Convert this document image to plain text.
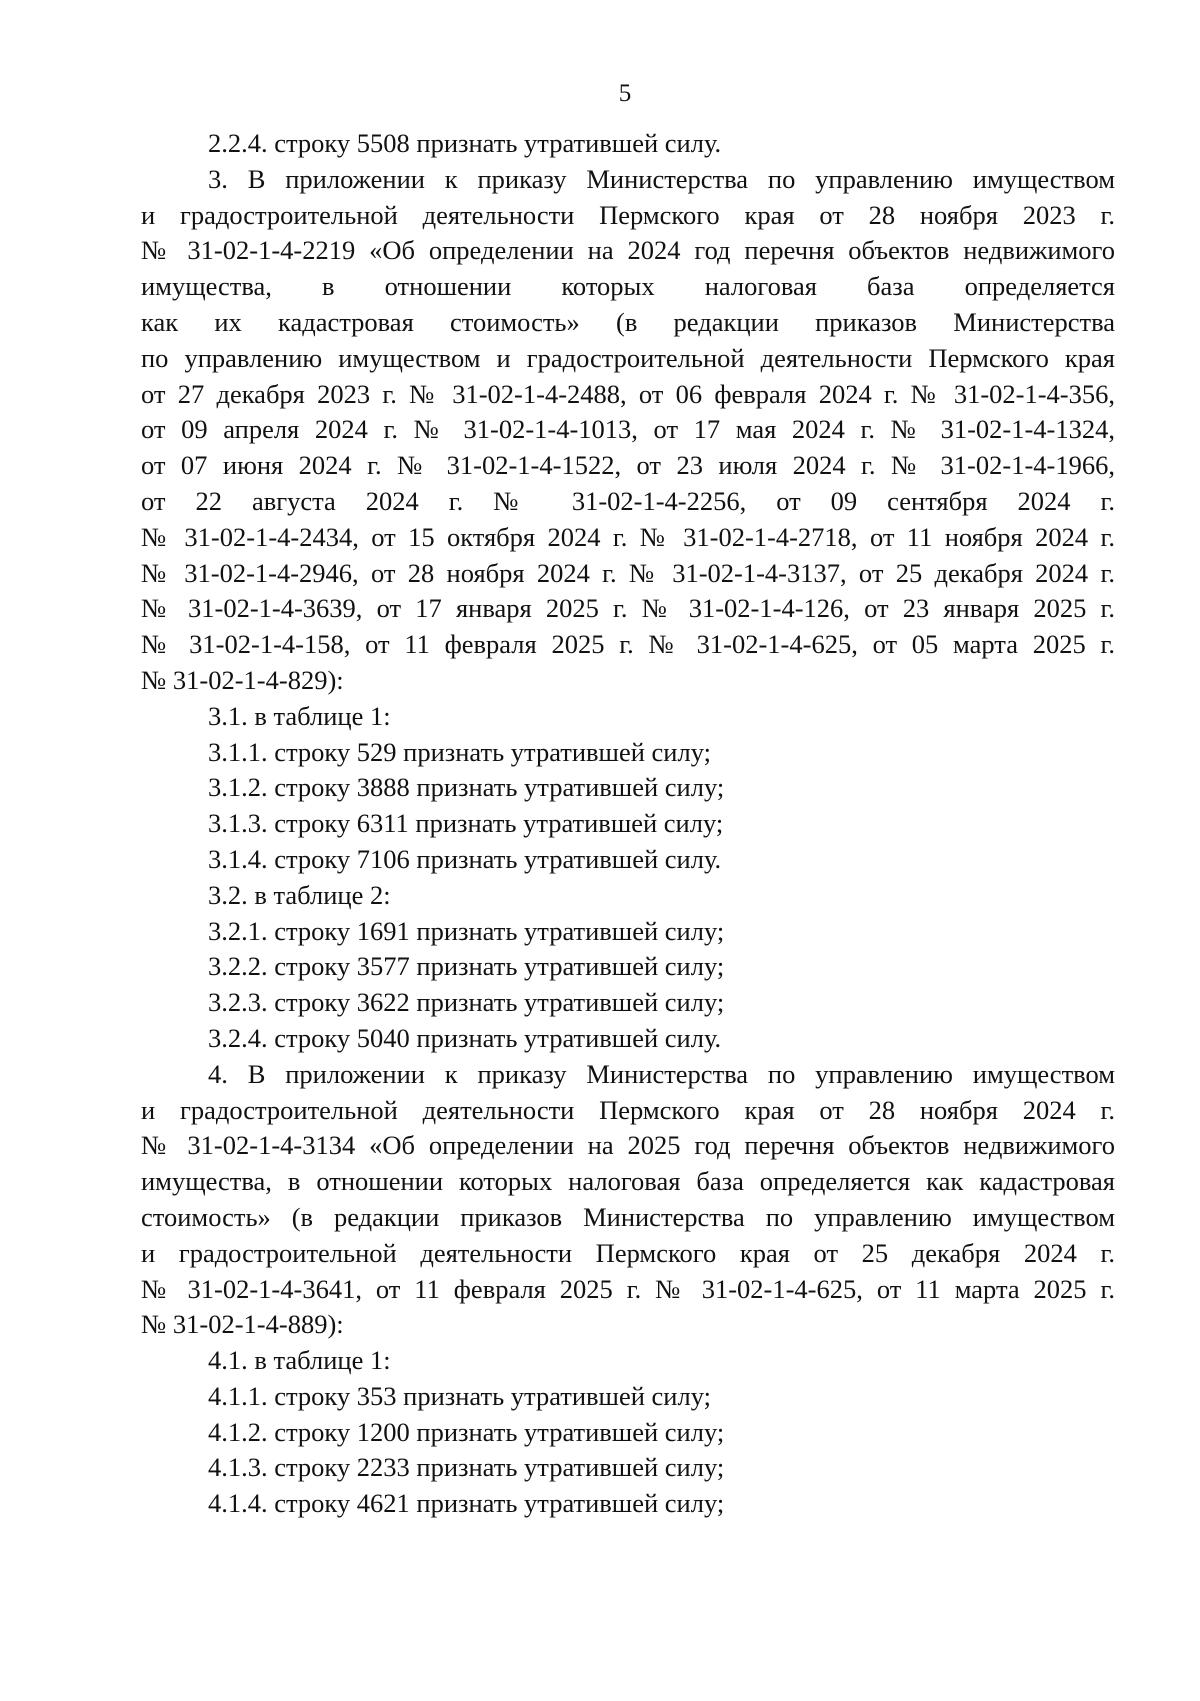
5

2.2.4. строку 5508 признать утратившей силу.

3. В приложении к приказу Министерства по управлению имуществом
и градостроительной деятельности Пермского края от 28 ноября 2023 г.
№ 31-02-1-4-2219 «Об определении на 2024 год перечня объектов недвижимого
имущества, в отношении которых налоговая база определяется
как их кадастровая стоимость» (в редакции приказов Министерства
по управлению имуществом и градостроительной деятельности Пермского края
от 27 декабря 2023 г. № 31-02-1-4-2488, от 06 февраля 2024 г. № 31-02-1-4-356,
от 09 апреля 2024 г. № 31-02-1-4-1013, от 17 мая 2024 г. № 31-02-1-4-1324,
от 07 июня 2024 г. № 31-02-1-4-1522, от 23 июля 2024 г. № 31-02-1-4-1966,
от 22 августа 2024 г. № 31-02-1-4-2256, от 09 сентября 2024 г.
№ 31-02-1-4-2434, от 15 октября 2024 г. № 31-02-1-4-2718, от 11 ноября 2024 г.
№ 31-02-1-4-2946, от 28 ноября 2024 г. № 31-02-1-4-3137, от 25 декабря 2024 г.
№ 31-02-1-4-3639, от 17 января 2025 г. № 31-02-1-4-126, от 23 января 2025 г.
№ 31-02-1-4-158, от 11 февраля 2025 г. № 31-02-1-4-625, от 05 марта 2025 г.
№ 31-02-1-4-829):

3.1. в таблице 1:

3.1.1. строку 529 признать утратившей силу;

3.1.2. строку 3888 признать утратившей силу;

3.1.3. строку 6311 признать утратившей силу;

3.1.4. строку 7106 признать утратившей силу.

3.2. в таблице 2:

3.2.1. строку 1691 признать утратившей силу;

3.2.2. строку 3577 признать утратившей силу;

3.2.3. строку 3622 признать утратившей силу;

3.2.4. строку 5040 признать утратившей силу.

4. В приложении к приказу Министерства по управлению имуществом
и градостроительной деятельности Пермского края от 28 ноября 2024 г.
№ 31-02-1-4-3134 «Об определении на 2025 год перечня объектов недвижимого
имущества, в отношении которых налоговая база определяется как кадастровая
стоимость» (в редакции приказов Министерства по управлению имуществом
и градостроительной деятельности Пермского края от 25 декабря 2024 г.
№ 31-02-1-4-3641, от 11 февраля 2025 г. № 31-02-1-4-625, от 11 марта 2025 г.
№ 31-02-1-4-889):

4.1. в таблице 1:

4.1.1. строку 353 признать утратившей силу;

4.1.2. строку 1200 признать утратившей силу;

4.1.3. строку 2233 признать утратившей силу;

4.1.4. строку 4621 признать утратившей силу;
